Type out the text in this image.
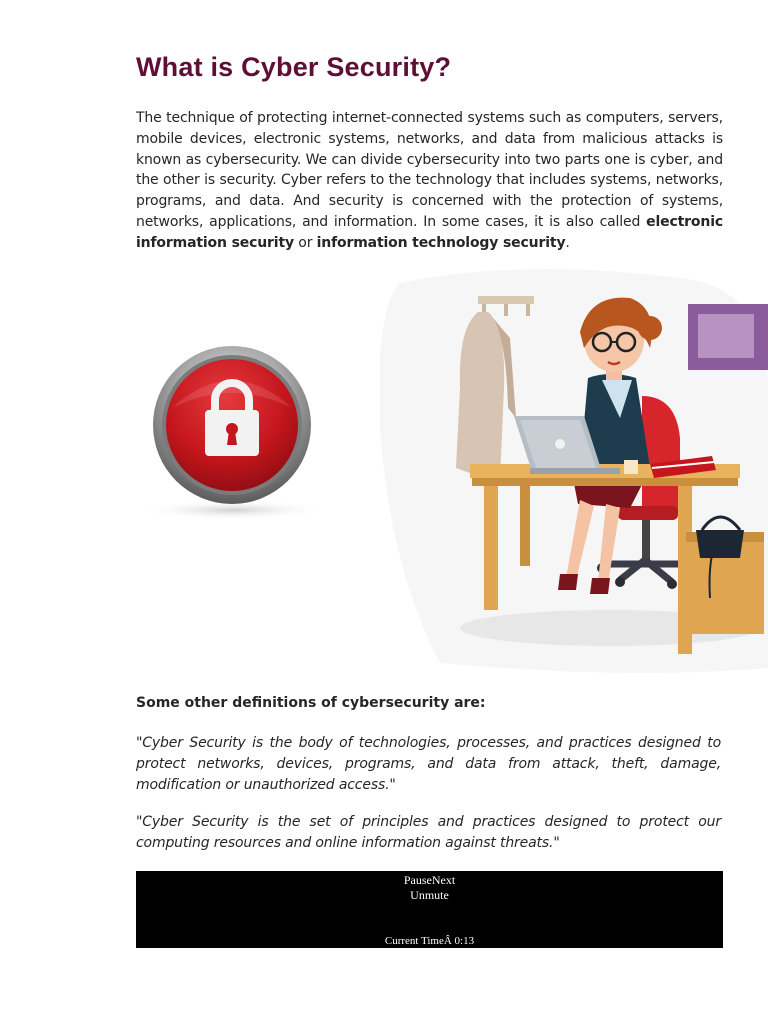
What is Cyber Security?

The technique of protecting internet-connected systems such as computers, servers, mobile devices, electronic systems, networks, and data from malicious attacks is known as cybersecurity. We can divide cybersecurity into two parts one is cyber, and the other is security. Cyber refers to the technology that includes systems, networks, programs, and data. And security is concerned with the protection of systems, networks, applications, and information. In some cases, it is also called electronic information security or information technology security.

Some other definitions of cybersecurity are:

"Cyber Security is the body of technologies, processes, and practices designed to protect networks, devices, programs, and data from attack, theft, damage, modification or unauthorized access."

"Cyber Security is the set of principles and practices designed to protect our computing resources and online information against threats."

PauseNext
Unmute
Current TimeÂ 0:13
